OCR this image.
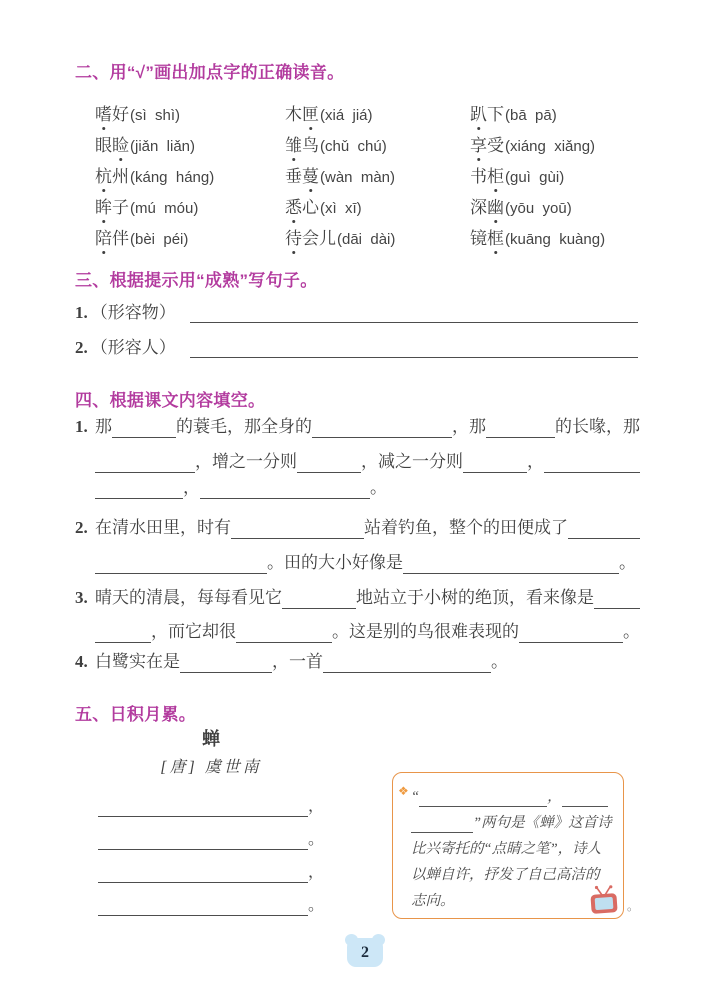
二、用“√”画出加点字的正确读音。
嗜好 (sì  shì)	木匣 (xiá  jiá)	趴下 (bā  pā)
眼睑 (jiǎn  liǎn)	雏鸟 (chǔ  chú)	享受 (xiáng  xiǎng)
杭州 (káng  háng)	垂蔓 (wàn  màn)	书柜 (guì  gùi)
眸子 (mú  móu)	悉心 (xì  xī)	深幽 (yōu  yoū)
陪伴 (bèi  péi)	待会儿 (dāi  dài)	镜框 (kuāng  kuàng)
三、根据提示用“成熟”写句子。
1. （形容物）
2. （形容人）
四、根据课文内容填空。
1. 那	的蓑毛，那全身的	，那	的长喙，那
，增之一分则	，减之一分则	，
，	。
2. 在清水田里，时有	站着钓鱼，整个的田便成了
。田的大小好像是	。
3. 晴天的清晨，每每看见它	地站立于小树的绝顶，看来像是
，而它却很	。这是别的鸟很难表现的	。
4. 白鹭实在是	，一首	。
五、日积月累。
蝉
[唐] 虞世南
，
。
，
。
❖ “	，
”两句是《蝉》这首诗
比兴寄托的“点睛之笔”，诗人
以蝉自许，抒发了自己高洁的
志向。	。
2
